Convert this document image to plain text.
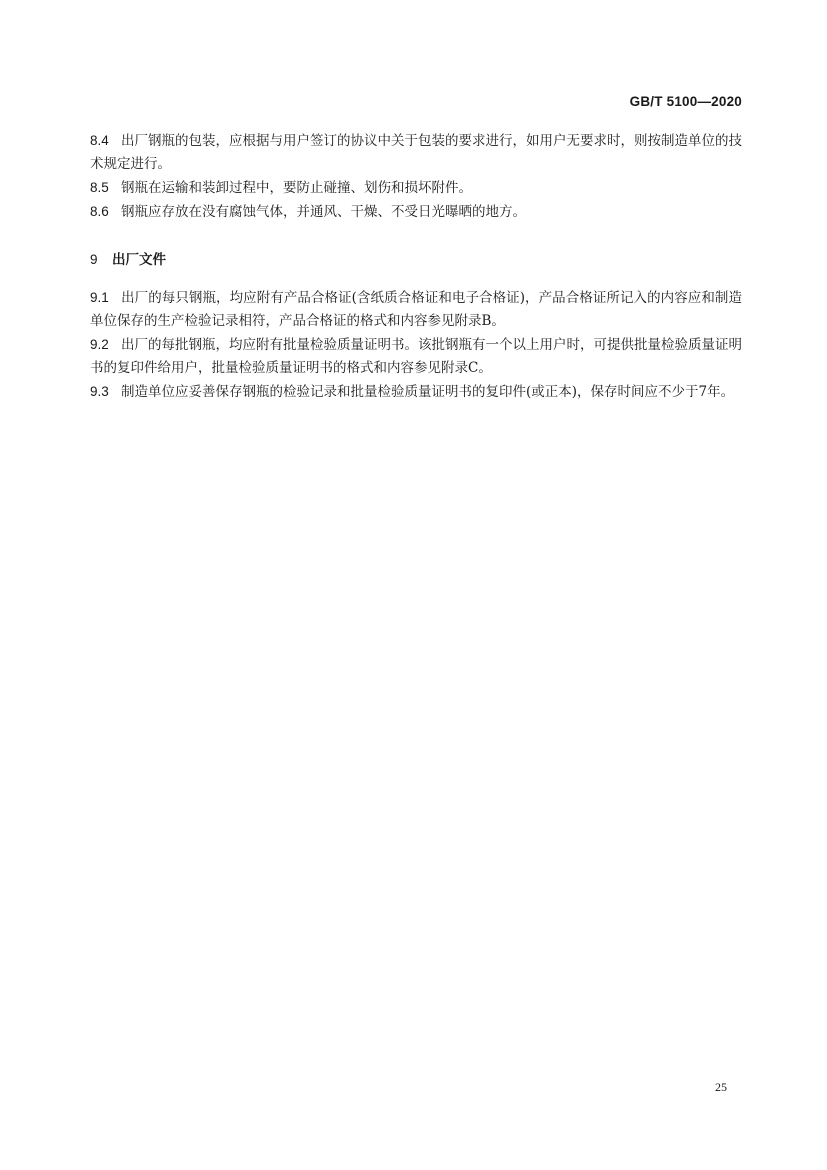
GB/T 5100—2020

8.4 出厂钢瓶的包装，应根据与用户签订的协议中关于包装的要求进行，如用户无要求时，则按制造单位的技术规定进行。

8.5 钢瓶在运输和装卸过程中，要防止碰撞、划伤和损坏附件。

8.6 钢瓶应存放在没有腐蚀气体，并通风、干燥、不受日光曝晒的地方。

9 出厂文件

9.1 出厂的每只钢瓶，均应附有产品合格证(含纸质合格证和电子合格证)，产品合格证所记入的内容应和制造单位保存的生产检验记录相符，产品合格证的格式和内容参见附录B。

9.2 出厂的每批钢瓶，均应附有批量检验质量证明书。该批钢瓶有一个以上用户时，可提供批量检验质量证明书的复印件给用户，批量检验质量证明书的格式和内容参见附录C。

9.3 制造单位应妥善保存钢瓶的检验记录和批量检验质量证明书的复印件(或正本)，保存时间应不少于7年。

25
